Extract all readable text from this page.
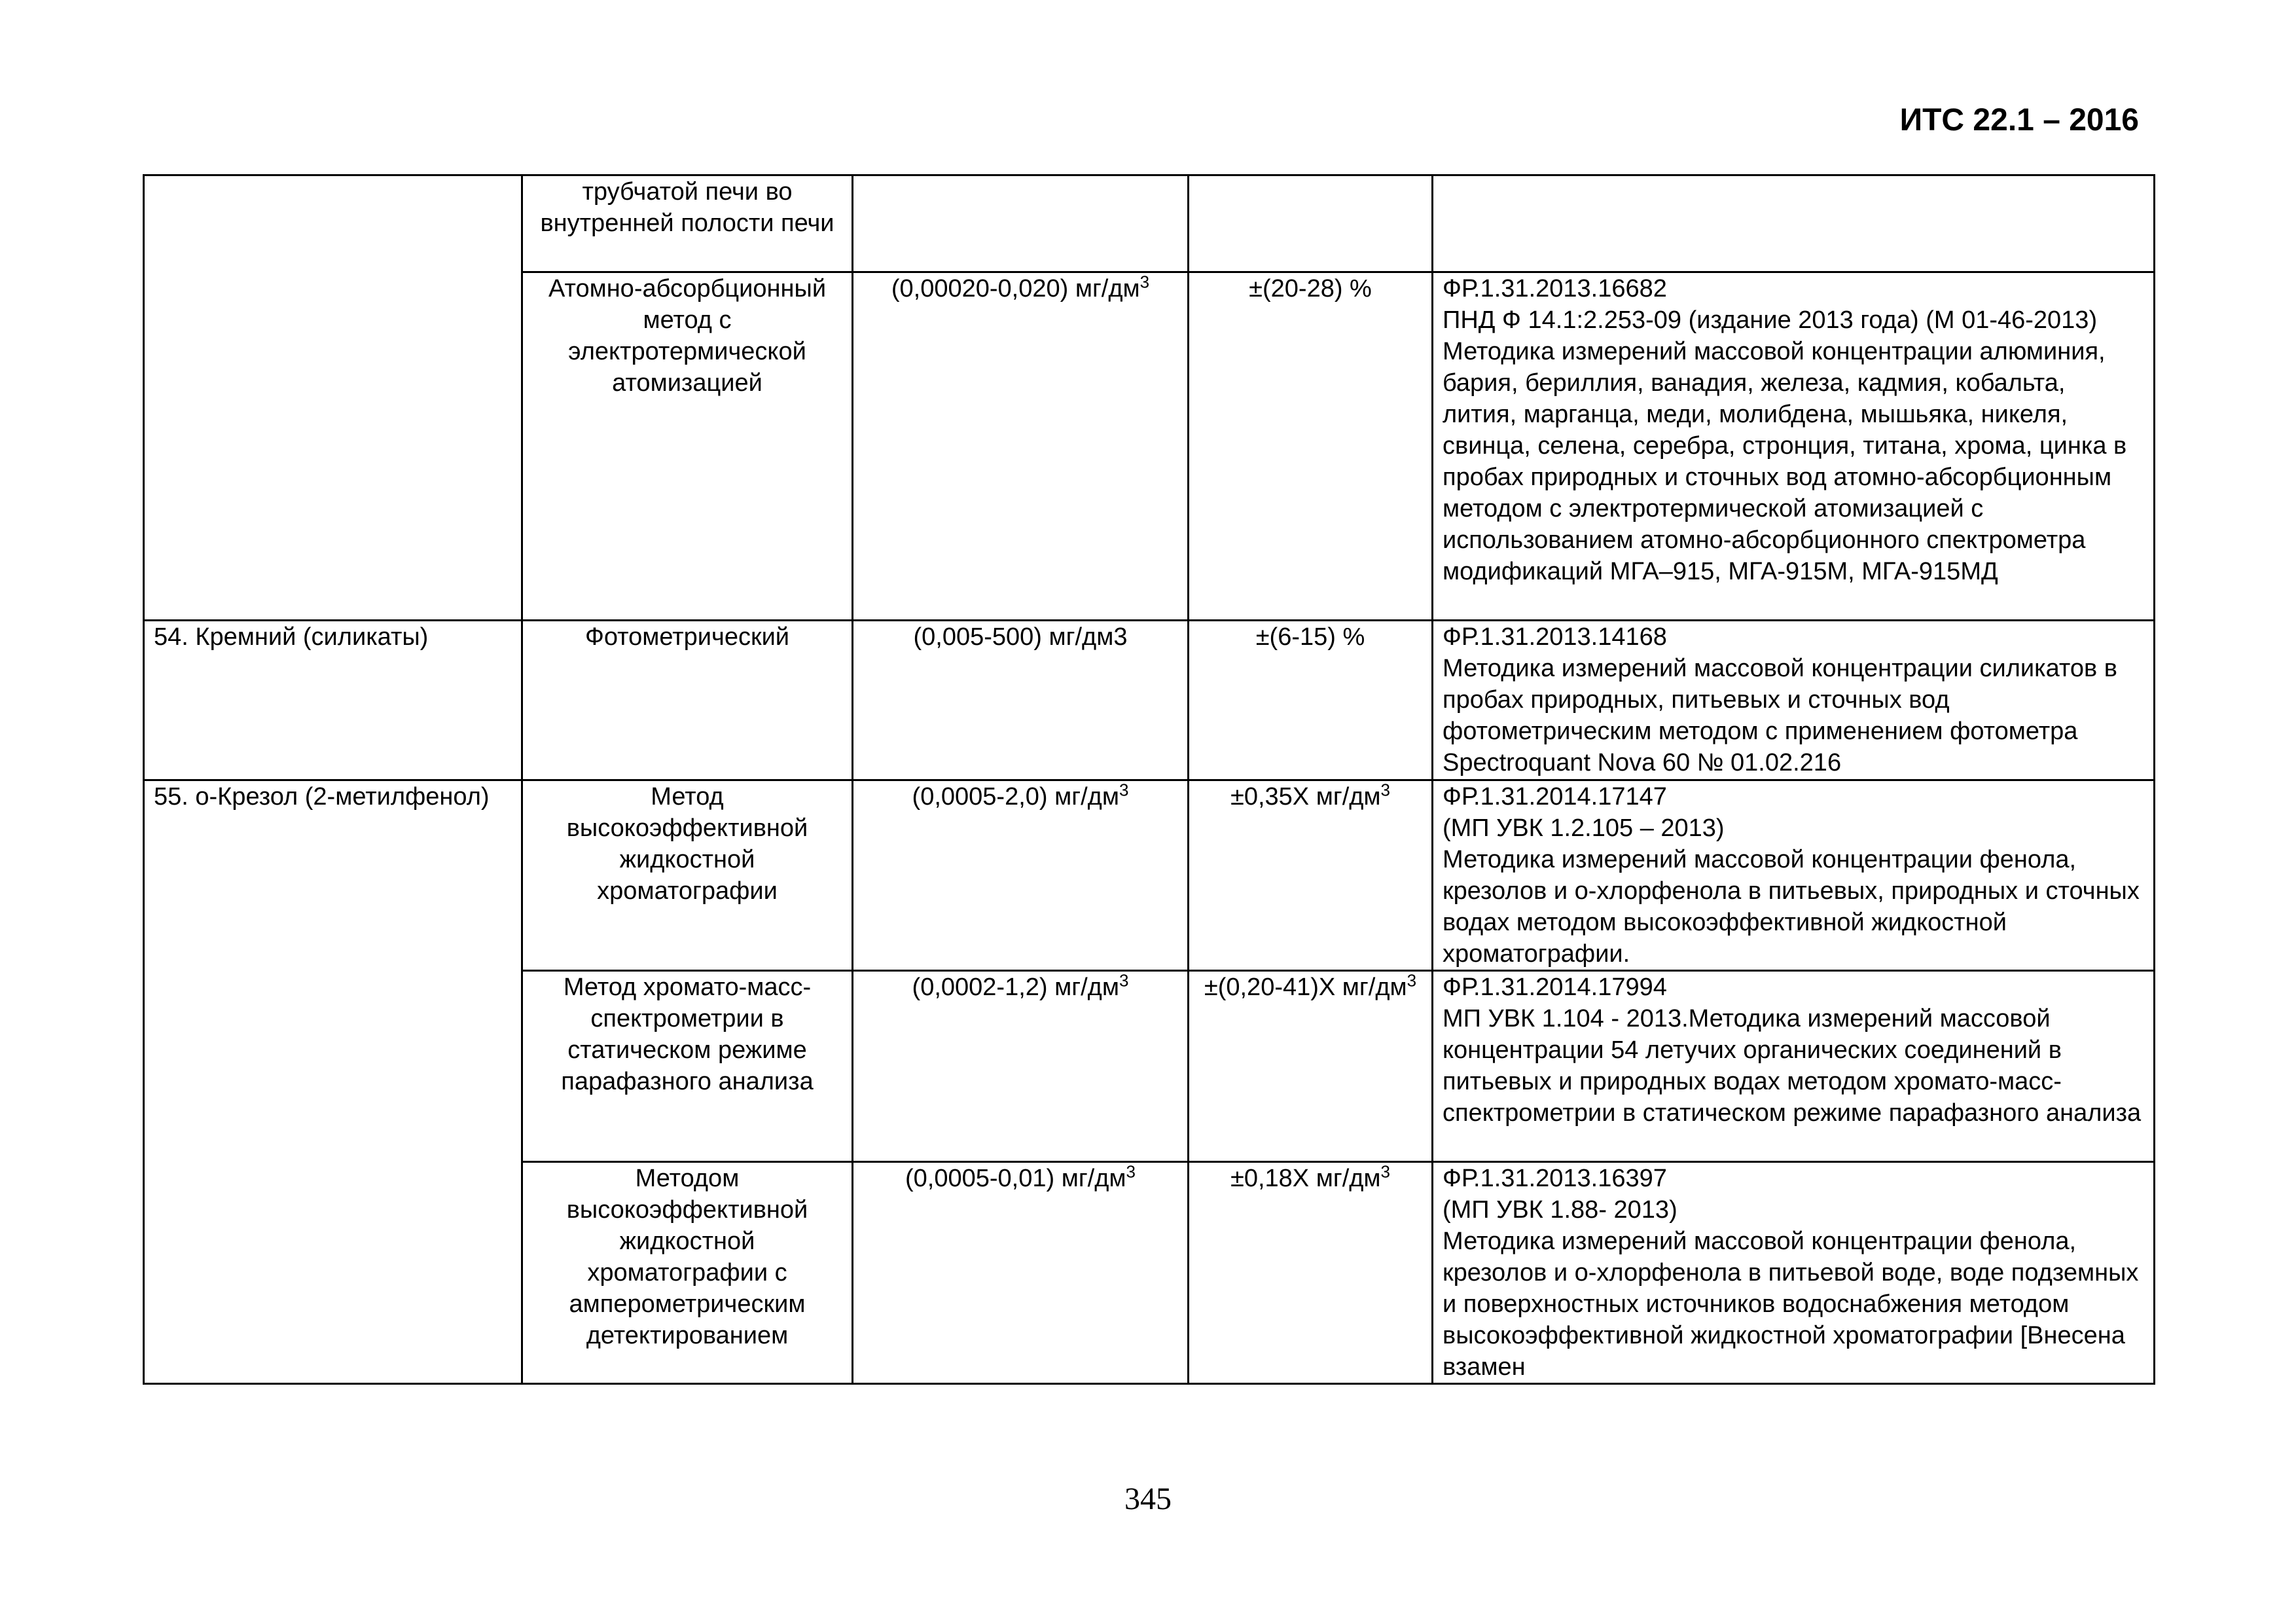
ИТС 22.1 – 2016
	трубчатой печи во внутренней полости печи			
	Атомно-абсорбционный метод с электротермической атомизацией	(0,00020-0,020) $мг/дм^3$	±(20-28) %	ФР.1.31.2013.16682
ПНД Ф 14.1:2.253-09 (издание 2013 года) (М 01-46-2013) Методика измерений массовой концентрации алюминия, бария, бериллия, ванадия, железа, кадмия, кобальта, лития, марганца, меди, молибдена, мышьяка, никеля, свинца, селена, серебра, стронция, титана, хрома, цинка в пробах природных и сточных вод атомно-абсорбционным методом с электротермической атомизацией с использованием атомно-абсорбционного спектрометра модификаций МГА–915, МГА-915М, МГА-915МД
54. Кремний (силикаты)	Фотометрический	(0,005-500) мг/дм3	±(6-15) %	ФР.1.31.2013.14168
Методика измерений массовой концентрации силикатов в пробах природных, питьевых и сточных вод фотометрическим методом с применением фотометра Spectroquant Nova 60 № 01.02.216
55. о-Крезол (2-метилфенол)	Метод высокоэффективной жидкостной хроматографии	(0,0005-2,0) $мг/дм^3$	±0,35Х $мг/дм^3$	ФР.1.31.2014.17147
(МП УВК 1.2.105 – 2013)
Методика измерений массовой концентрации фенола, крезолов и о-хлорфенола в питьевых, природных и сточных водах методом высокоэффективной жидкостной хроматографии.
	Метод хромато-масс-спектрометрии в статическом режиме парафазного анализа	(0,0002-1,2) $мг/дм^3$	±(0,20-41)Х $мг/дм^3$	ФР.1.31.2014.17994
МП УВК 1.104 - 2013.Методика измерений массовой концентрации 54 летучих органических соединений в питьевых и природных водах методом хромато-масс-спектрометрии в статическом режиме парафазного анализа
	Методом высокоэффективной жидкостной хроматографии с амперометрическим детектированием	(0,0005-0,01) $мг/дм^3$	±0,18Х $мг/дм^3$	ФР.1.31.2013.16397
(МП УВК 1.88- 2013)
Методика измерений массовой концентрации фенола, крезолов и о-хлорфенола в питьевой воде, воде подземных и поверхностных источников водоснабжения методом высокоэффективной жидкостной хроматографии [Внесена взамен
345
